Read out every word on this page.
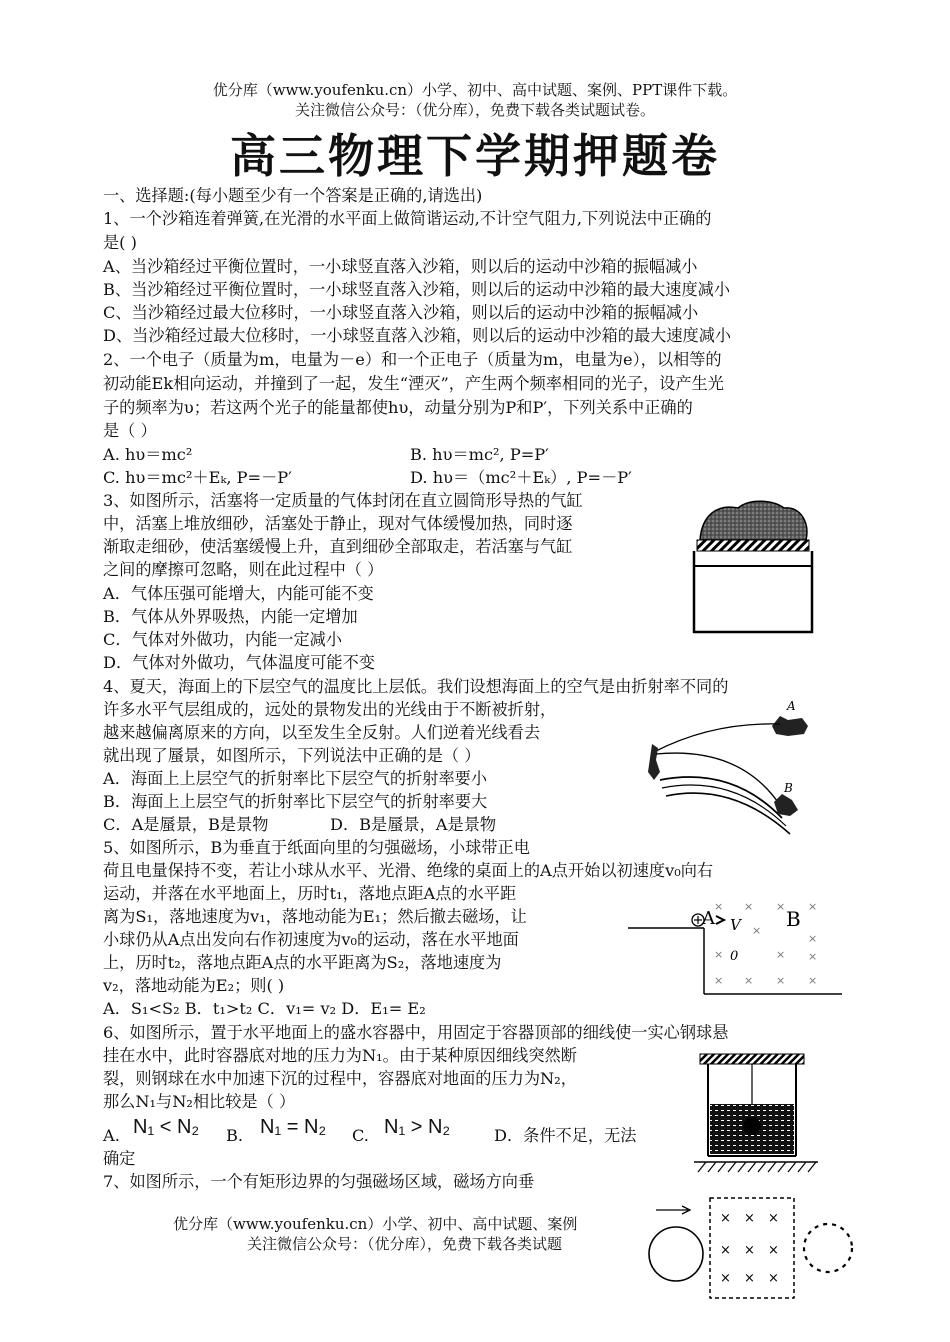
优分库（www.youfenku.cn）小学、初中、高中试题、案例、PPT课件下载。
关注微信公众号：（优分库），免费下载各类试题试卷。
高三物理下学期押题卷
一、选择题:(每小题至少有一个答案是正确的,请选出)
1、一个沙箱连着弹簧,在光滑的水平面上做简谐运动,不计空气阻力,下列说法中正确的
是( )
A、当沙箱经过平衡位置时，一小球竖直落入沙箱，则以后的运动中沙箱的振幅减小
B、当沙箱经过平衡位置时，一小球竖直落入沙箱，则以后的运动中沙箱的最大速度减小
C、当沙箱经过最大位移时，一小球竖直落入沙箱，则以后的运动中沙箱的振幅减小
D、当沙箱经过最大位移时，一小球竖直落入沙箱，则以后的运动中沙箱的最大速度减小
2、一个电子（质量为m，电量为－e）和一个正电子（质量为m，电量为e），以相等的
初动能Ek相向运动，并撞到了一起，发生“湮灭”，产生两个频率相同的光子，设产生光
子的频率为υ；若这两个光子的能量都使hυ，动量分别为P和P′，下列关系中正确的
是（ ）
A. hυ＝mc²	B. hυ＝mc², P=P′
C. hυ＝mc²＋Eₖ, P=－P′	D. hυ＝（mc²＋Eₖ）, P=－P′
3、如图所示，活塞将一定质量的气体封闭在直立圆筒形导热的气缸
中，活塞上堆放细砂，活塞处于静止，现对气体缓慢加热，同时逐
渐取走细砂，使活塞缓慢上升，直到细砂全部取走，若活塞与气缸
之间的摩擦可忽略，则在此过程中（ ）
A．气体压强可能增大，内能可能不变
B．气体从外界吸热，内能一定增加
C．气体对外做功，内能一定减小
D．气体对外做功，气体温度可能不变
4、夏天，海面上的下层空气的温度比上层低。我们设想海面上的空气是由折射率不同的
许多水平气层组成的，远处的景物发出的光线由于不断被折射，
越来越偏离原来的方向，以至发生全反射。人们逆着光线看去
就出现了蜃景，如图所示，下列说法中正确的是（ ）
A．海面上上层空气的折射率比下层空气的折射率要小
B．海面上上层空气的折射率比下层空气的折射率要大
C．A是蜃景，B是景物	D．B是蜃景，A是景物
A
B
5、如图所示，B为垂直于纸面向里的匀强磁场，小球带正电
荷且电量保持不变，若让小球从水平、光滑、绝缘的桌面上的A点开始以初速度v₀向右
运动，并落在水平地面上，历时t₁，落地点距A点的水平距
离为S₁，落地速度为v₁，落地动能为E₁；然后撤去磁场，让
小球仍从A点出发向右作初速度为v₀的运动，落在水平地面
上，历时t₂，落地点距A点的水平距离为S₂，落地速度为
v₂，落地动能为E₂；则( )
A．S₁<S₂ B．t₁>t₂ C．v₁= v₂ D．E₁= E₂
A V
0
B
× × × ×
×
×
×	× ×
× × × ×
6、如图所示，置于水平地面上的盛水容器中，用固定于容器顶部的细线使一实心钢球悬
挂在水中，此时容器底对地的压力为N₁。由于某种原因细线突然断
裂，则钢球在水中加速下沉的过程中，容器底对地面的压力为N₂，
那么N₁与N₂相比较是（ ）
A. N₁ < N₂ B. N₁ = N₂ C. N₁ > N₂	D．条件不足，无法
确定
7、如图所示，一个有矩形边界的匀强磁场区域，磁场方向垂
优分库（www.youfenku.cn）小学、初中、高中试题、案例
关注微信公众号：（优分库），免费下载各类试题
× × ×
× × ×
× × ×
